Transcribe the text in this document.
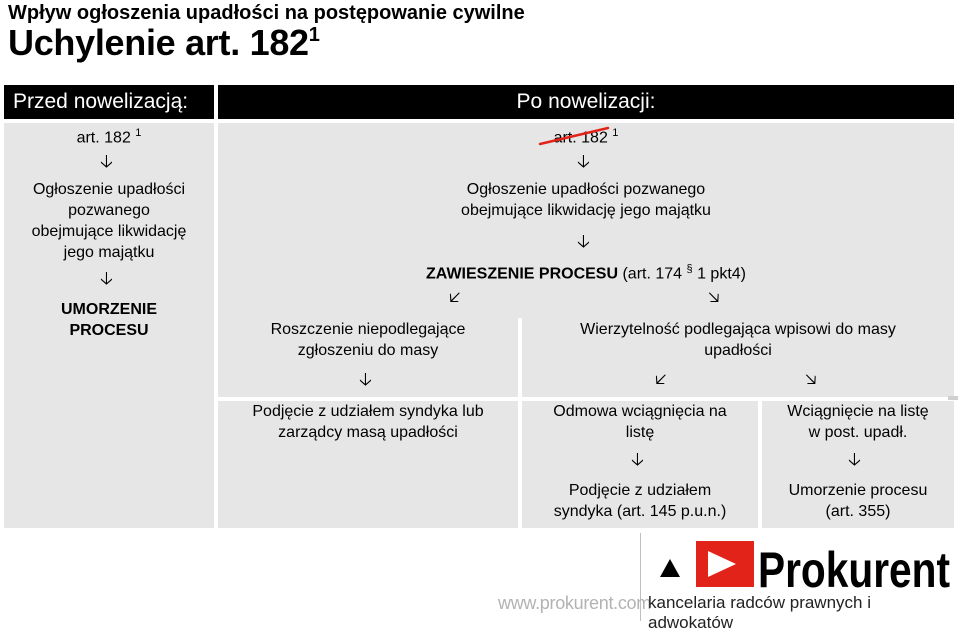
Wpływ ogłoszenia upadłości na postępowanie cywilne
Uchylenie art. $182^1$
Przed nowelizacją:	Po nowelizacji:
art. 182 $^1$
🡣
Ogłoszenie upadłości
pozwanego
obejmujące likwidację
jego majątku
🡣
UMORZENIE
PROCESU
art. 182 $^1$
🡣
Ogłoszenie upadłości pozwanego
obejmujące likwidację jego majątku
🡣
ZAWIESZENIE PROCESU (art. 174 § 1 pkt4)
🡧	🡦
Roszczenie niepodlegające
zgłoszeniu do masy
Wierzytelność podlegająca wpisowi do masy
upadłości
🡣	🡧	🡦
Podjęcie z udziałem syndyka lub
zarządcy masą upadłości
Odmowa wciągnięcia na
listę
Wciągnięcie na listę
w post. upadł.
🡣	🡣
Podjęcie z udziałem
syndyka (art. 145 p.u.n.)
Umorzenie procesu
(art. 355)
www.prokurent.com
Prokurent
kancelaria radców prawnych i adwokatów
